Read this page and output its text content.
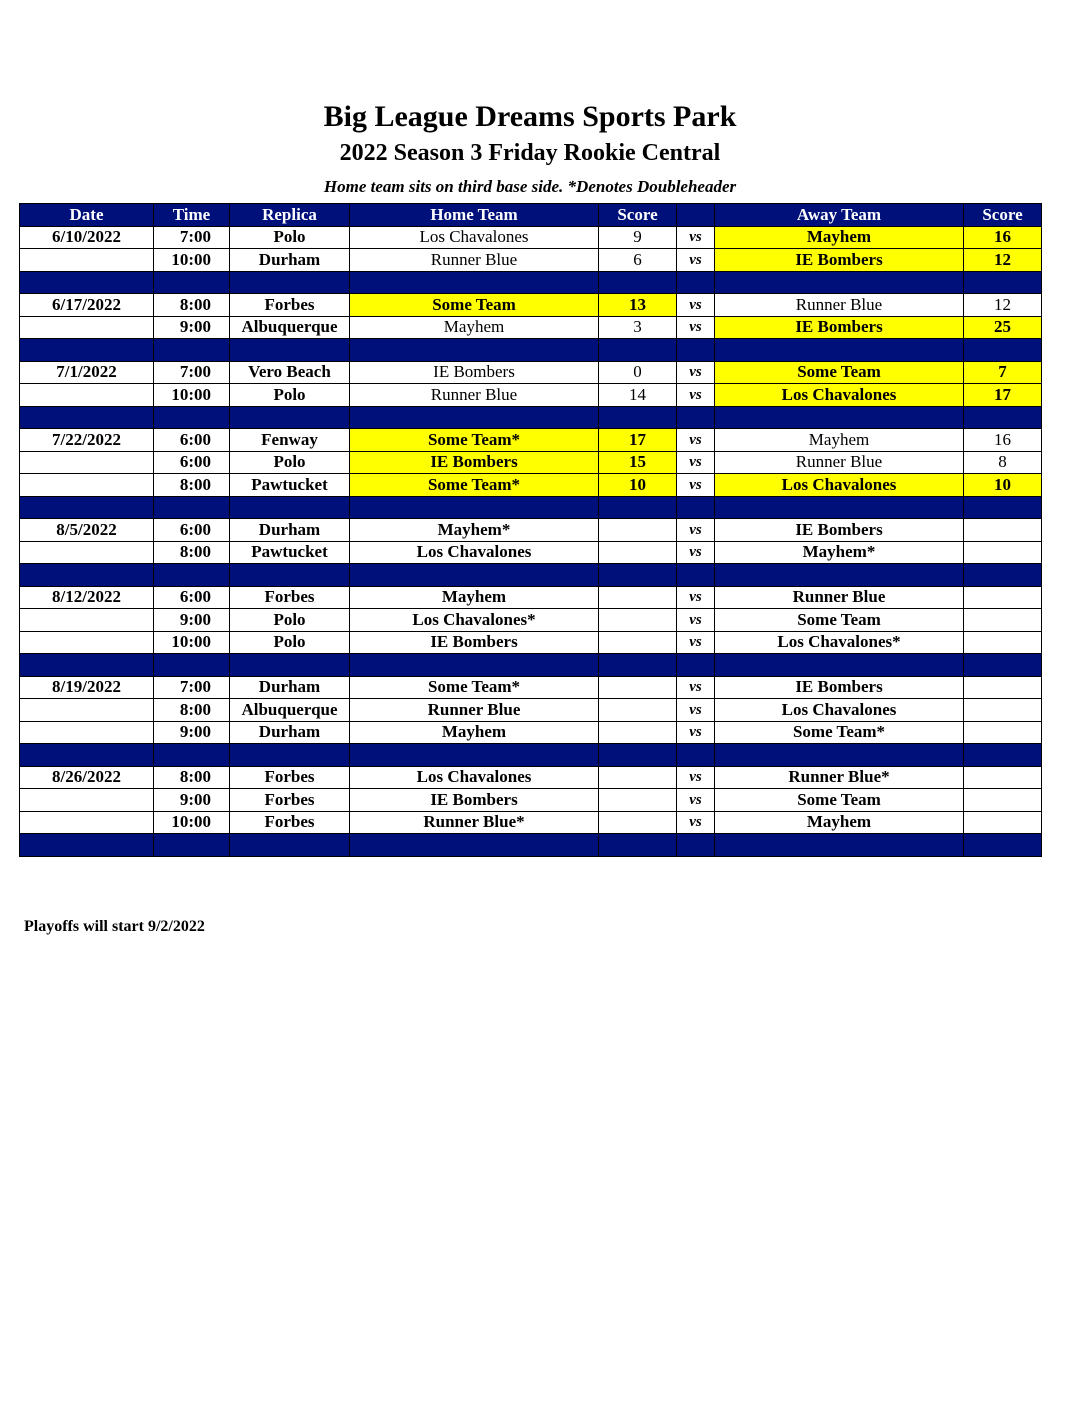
Big League Dreams Sports Park
2022 Season 3 Friday Rookie Central
Home team sits on third base side. *Denotes Doubleheader
Date	Time	Replica	Home Team	Score		Away Team	Score
6/10/2022	7:00	Polo	Los Chavalones	9	vs	Mayhem	16
	10:00	Durham	Runner Blue	6	vs	IE Bombers	12

6/17/2022	8:00	Forbes	Some Team	13	vs	Runner Blue	12
	9:00	Albuquerque	Mayhem	3	vs	IE Bombers	25

7/1/2022	7:00	Vero Beach	IE Bombers	0	vs	Some Team	7
	10:00	Polo	Runner Blue	14	vs	Los Chavalones	17

7/22/2022	6:00	Fenway	Some Team*	17	vs	Mayhem	16
	6:00	Polo	IE Bombers	15	vs	Runner Blue	8
	8:00	Pawtucket	Some Team*	10	vs	Los Chavalones	10

8/5/2022	6:00	Durham	Mayhem*		vs	IE Bombers	
	8:00	Pawtucket	Los Chavalones		vs	Mayhem*	

8/12/2022	6:00	Forbes	Mayhem		vs	Runner Blue	
	9:00	Polo	Los Chavalones*		vs	Some Team	
	10:00	Polo	IE Bombers		vs	Los Chavalones*	

8/19/2022	7:00	Durham	Some Team*		vs	IE Bombers	
	8:00	Albuquerque	Runner Blue		vs	Los Chavalones	
	9:00	Durham	Mayhem		vs	Some Team*	

8/26/2022	8:00	Forbes	Los Chavalones		vs	Runner Blue*	
	9:00	Forbes	IE Bombers		vs	Some Team	
	10:00	Forbes	Runner Blue*		vs	Mayhem	

Playoffs will start 9/2/2022
